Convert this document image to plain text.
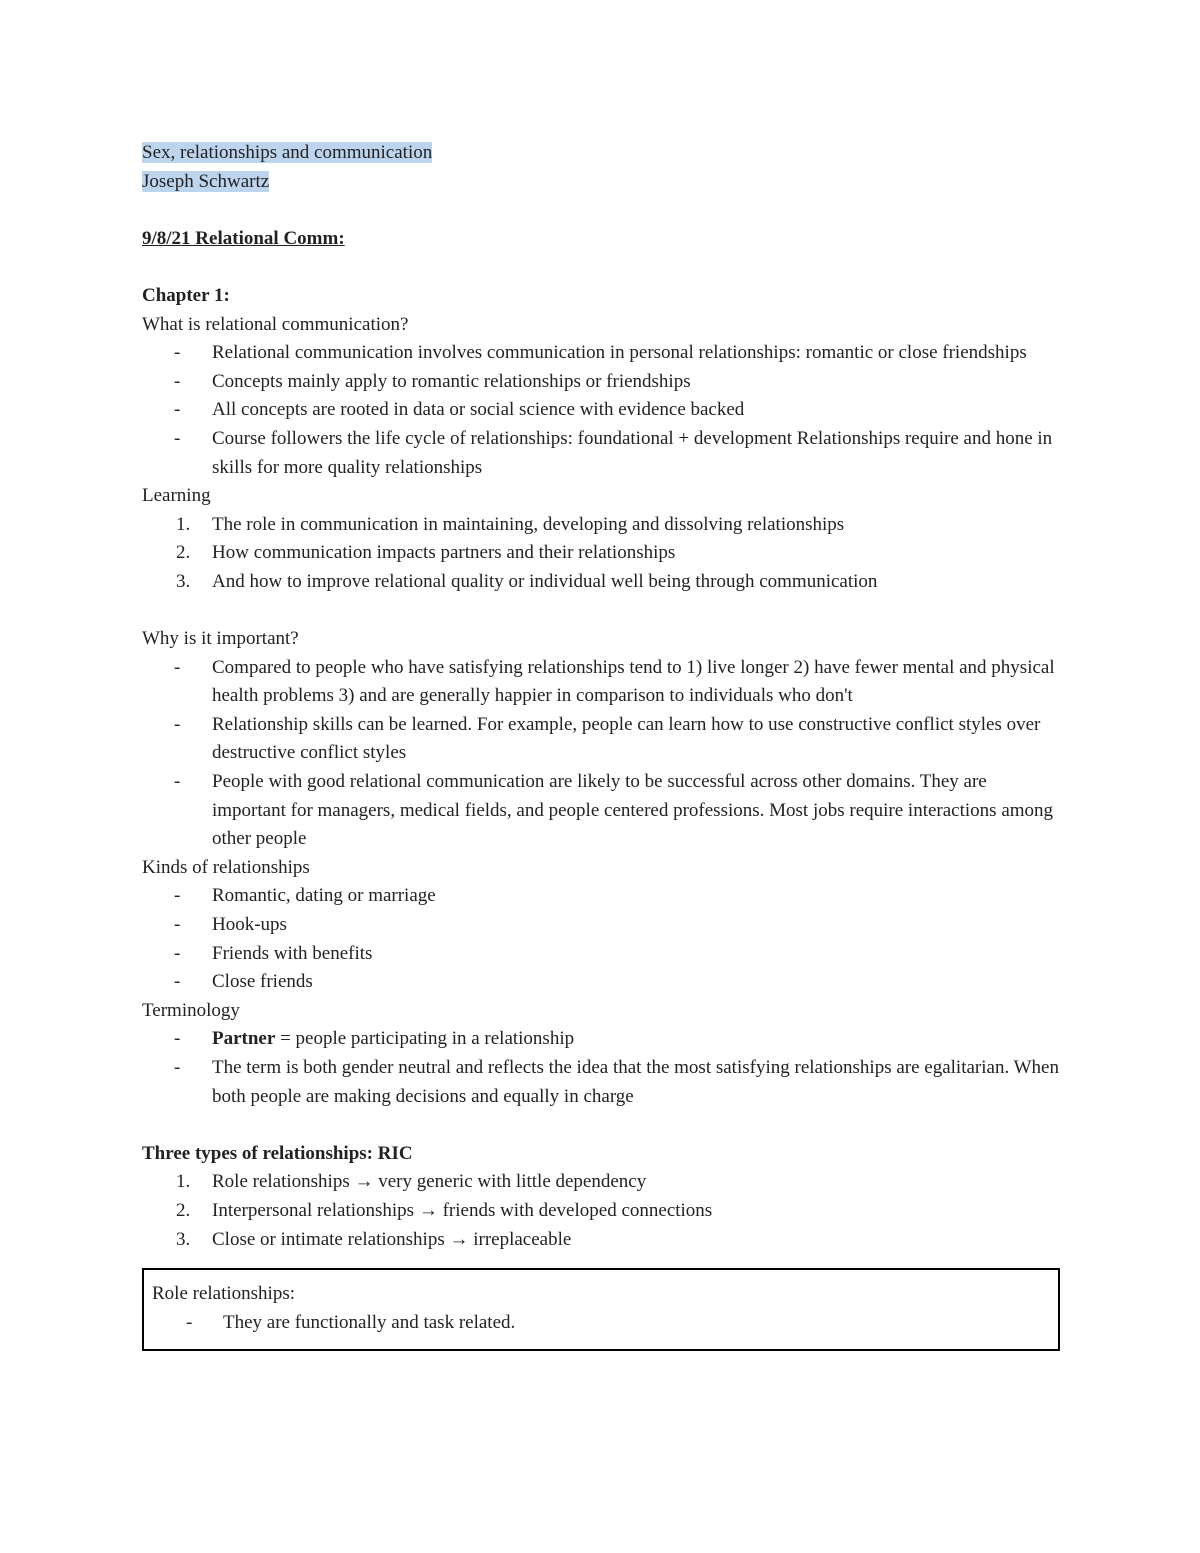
Sex, relationships and communication
Joseph Schwartz
9/8/21 Relational Comm:
Chapter 1:
What is relational communication?
- Relational communication involves communication in personal relationships: romantic or close friendships
- Concepts mainly apply to romantic relationships or friendships
- All concepts are rooted in data or social science with evidence backed
- Course followers the life cycle of relationships: foundational + development Relationships require and hone in skills for more quality relationships
Learning
1. The role in communication in maintaining, developing and dissolving relationships
2. How communication impacts partners and their relationships
3. And how to improve relational quality or individual well being through communication
Why is it important?
- Compared to people who have satisfying relationships tend to 1) live longer 2) have fewer mental and physical health problems 3) and are generally happier in comparison to individuals who don't
- Relationship skills can be learned. For example, people can learn how to use constructive conflict styles over destructive conflict styles
- People with good relational communication are likely to be successful across other domains. They are important for managers, medical fields, and people centered professions. Most jobs require interactions among other people
Kinds of relationships
- Romantic, dating or marriage
- Hook-ups
- Friends with benefits
- Close friends
Terminology
- Partner = people participating in a relationship
- The term is both gender neutral and reflects the idea that the most satisfying relationships are egalitarian. When both people are making decisions and equally in charge
Three types of relationships: RIC
1. Role relationships → very generic with little dependency
2. Interpersonal relationships → friends with developed connections
3. Close or intimate relationships → irreplaceable
Role relationships:
- They are functionally and task related.
